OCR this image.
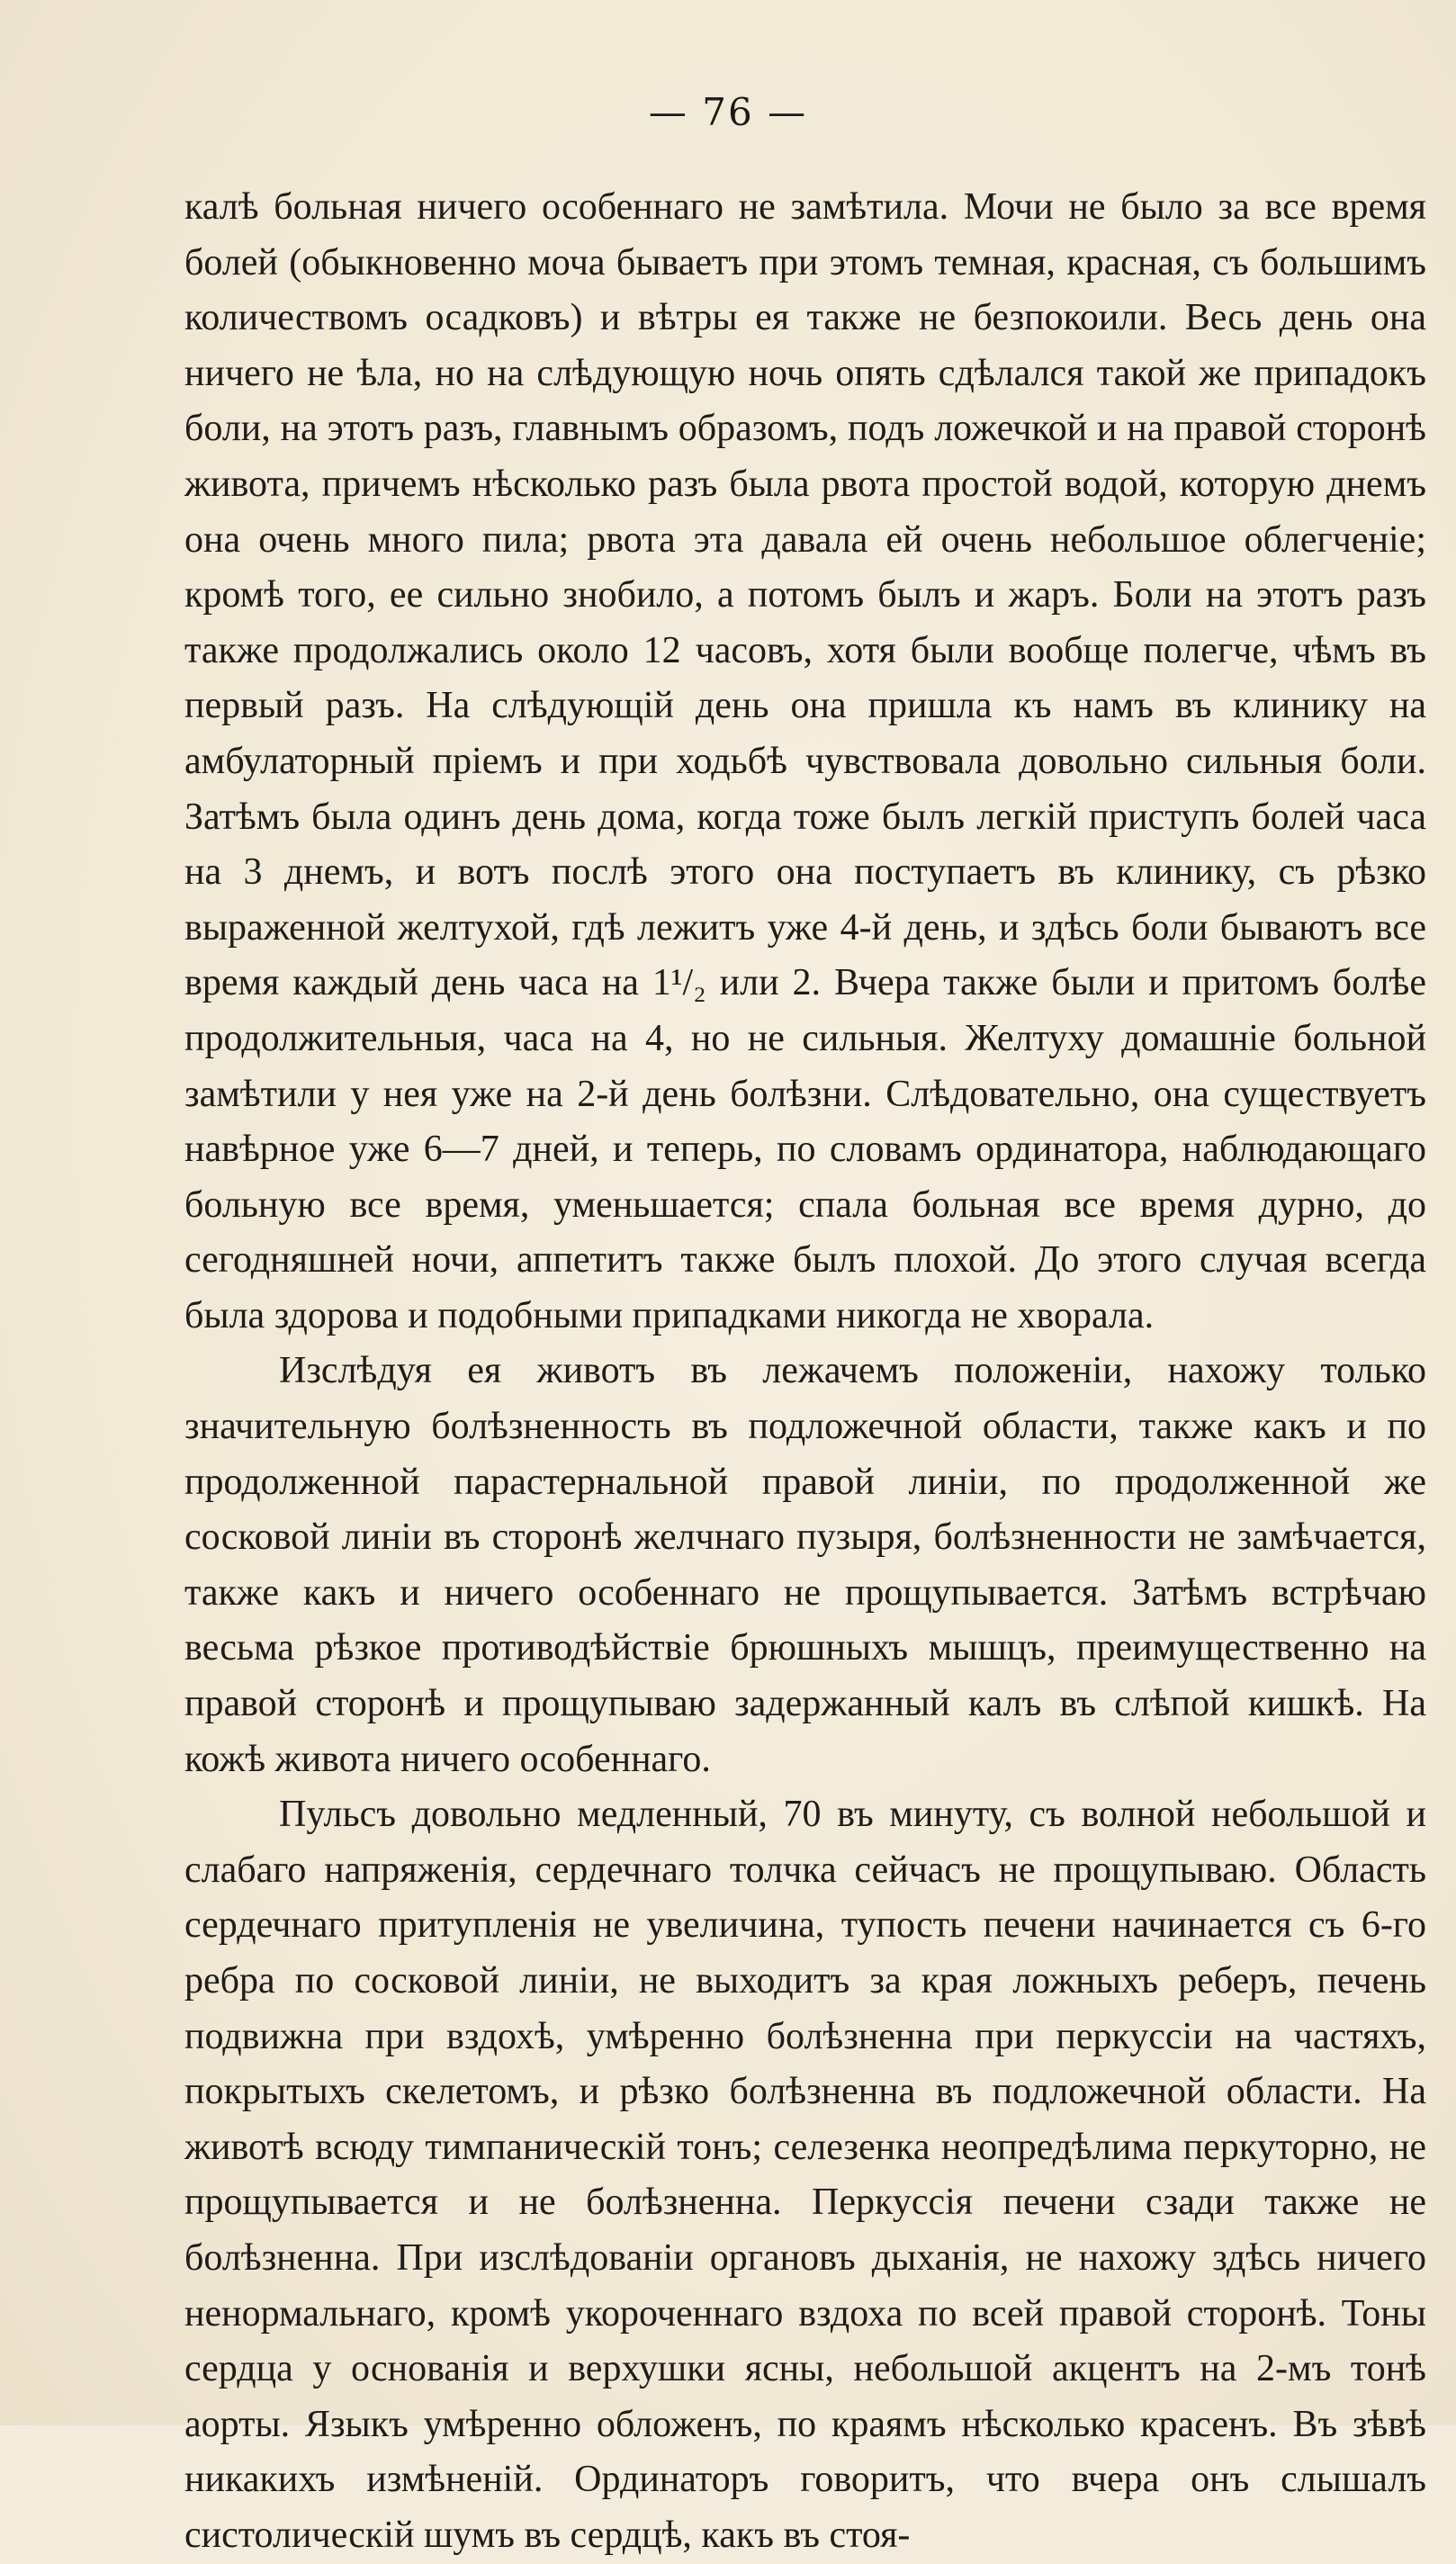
— 76 —

калѣ больная ничего особеннаго не замѣтила. Мочи не было за все время болей (обыкновенно моча бываетъ при этомъ темная, красная, съ большимъ количествомъ осадковъ) и вѣтры ея также не безпокоили. Весь день она ничего не ѣла, но на слѣдующую ночь опять сдѣлался такой же припадокъ боли, на этотъ разъ, главнымъ образомъ, подъ ложечкой и на правой сторонѣ живота, причемъ нѣсколько разъ была рвота простой водой, которую днемъ она очень много пила; рвота эта давала ей очень небольшое облегченіе; кромѣ того, ее сильно знобило, а потомъ былъ и жаръ. Боли на этотъ разъ также продолжались около 12 часовъ, хотя были вообще полегче, чѣмъ въ первый разъ. На слѣдующій день она пришла къ намъ въ клинику на амбулаторный пріемъ и при ходьбѣ чувствовала довольно сильныя боли. Затѣмъ была одинъ день дома, когда тоже былъ легкій приступъ болей часа на 3 днемъ, и вотъ послѣ этого она поступаетъ въ клинику, съ рѣзко выраженной желтухой, гдѣ лежитъ уже 4-й день, и здѣсь боли бываютъ все время каждый день часа на 1¹/₂ или 2. Вчера также были и притомъ болѣе продолжительныя, часа на 4, но не сильныя. Желтуху домашніе больной замѣтили у нея уже на 2-й день болѣзни. Слѣдовательно, она существуетъ навѣрное уже 6—7 дней, и теперь, по словамъ ординатора, наблюдающаго больную все время, уменьшается; спала больная все время дурно, до сегодняшней ночи, аппетитъ также былъ плохой. До этого случая всегда была здорова и подобными припадками никогда не хворала.

Изслѣдуя ея животъ въ лежачемъ положеніи, нахожу только значительную болѣзненность въ подложечной области, также какъ и по продолженной парастернальной правой линіи, по продолженной же сосковой линіи въ сторонѣ желчнаго пузыря, болѣзненности не замѣчается, также какъ и ничего особеннаго не прощупывается. Затѣмъ встрѣчаю весьма рѣзкое противодѣйствіе брюшныхъ мышцъ, преимущественно на правой сторонѣ и прощупываю задержанный калъ въ слѣпой кишкѣ. На кожѣ живота ничего особеннаго.

Пульсъ довольно медленный, 70 въ минуту, съ волной небольшой и слабаго напряженія, сердечнаго толчка сейчасъ не прощупываю. Область сердечнаго притупленія не увеличина, тупость печени начинается съ 6-го ребра по сосковой линіи, не выходитъ за края ложныхъ реберъ, печень подвижна при вздохѣ, умѣренно болѣзненна при перкуссіи на частяхъ, покрытыхъ скелетомъ, и рѣзко болѣзненна въ подложечной области. На животѣ всюду тимпаническій тонъ; селезенка неопредѣлима перкуторно, не прощупывается и не болѣзненна. Перкуссія печени сзади также не болѣзненна. При изслѣдованіи органовъ дыханія, не нахожу здѣсь ничего ненормальнаго, кромѣ укороченнаго вздоха по всей правой сторонѣ. Тоны сердца у основанія и верхушки ясны, небольшой акцентъ на 2-мъ тонѣ аорты. Языкъ умѣренно обложенъ, по краямъ нѣсколько красенъ. Въ зѣвѣ никакихъ измѣненій. Ординаторъ говоритъ, что вчера онъ слышалъ систолическій шумъ въ сердцѣ, какъ въ стоя-
